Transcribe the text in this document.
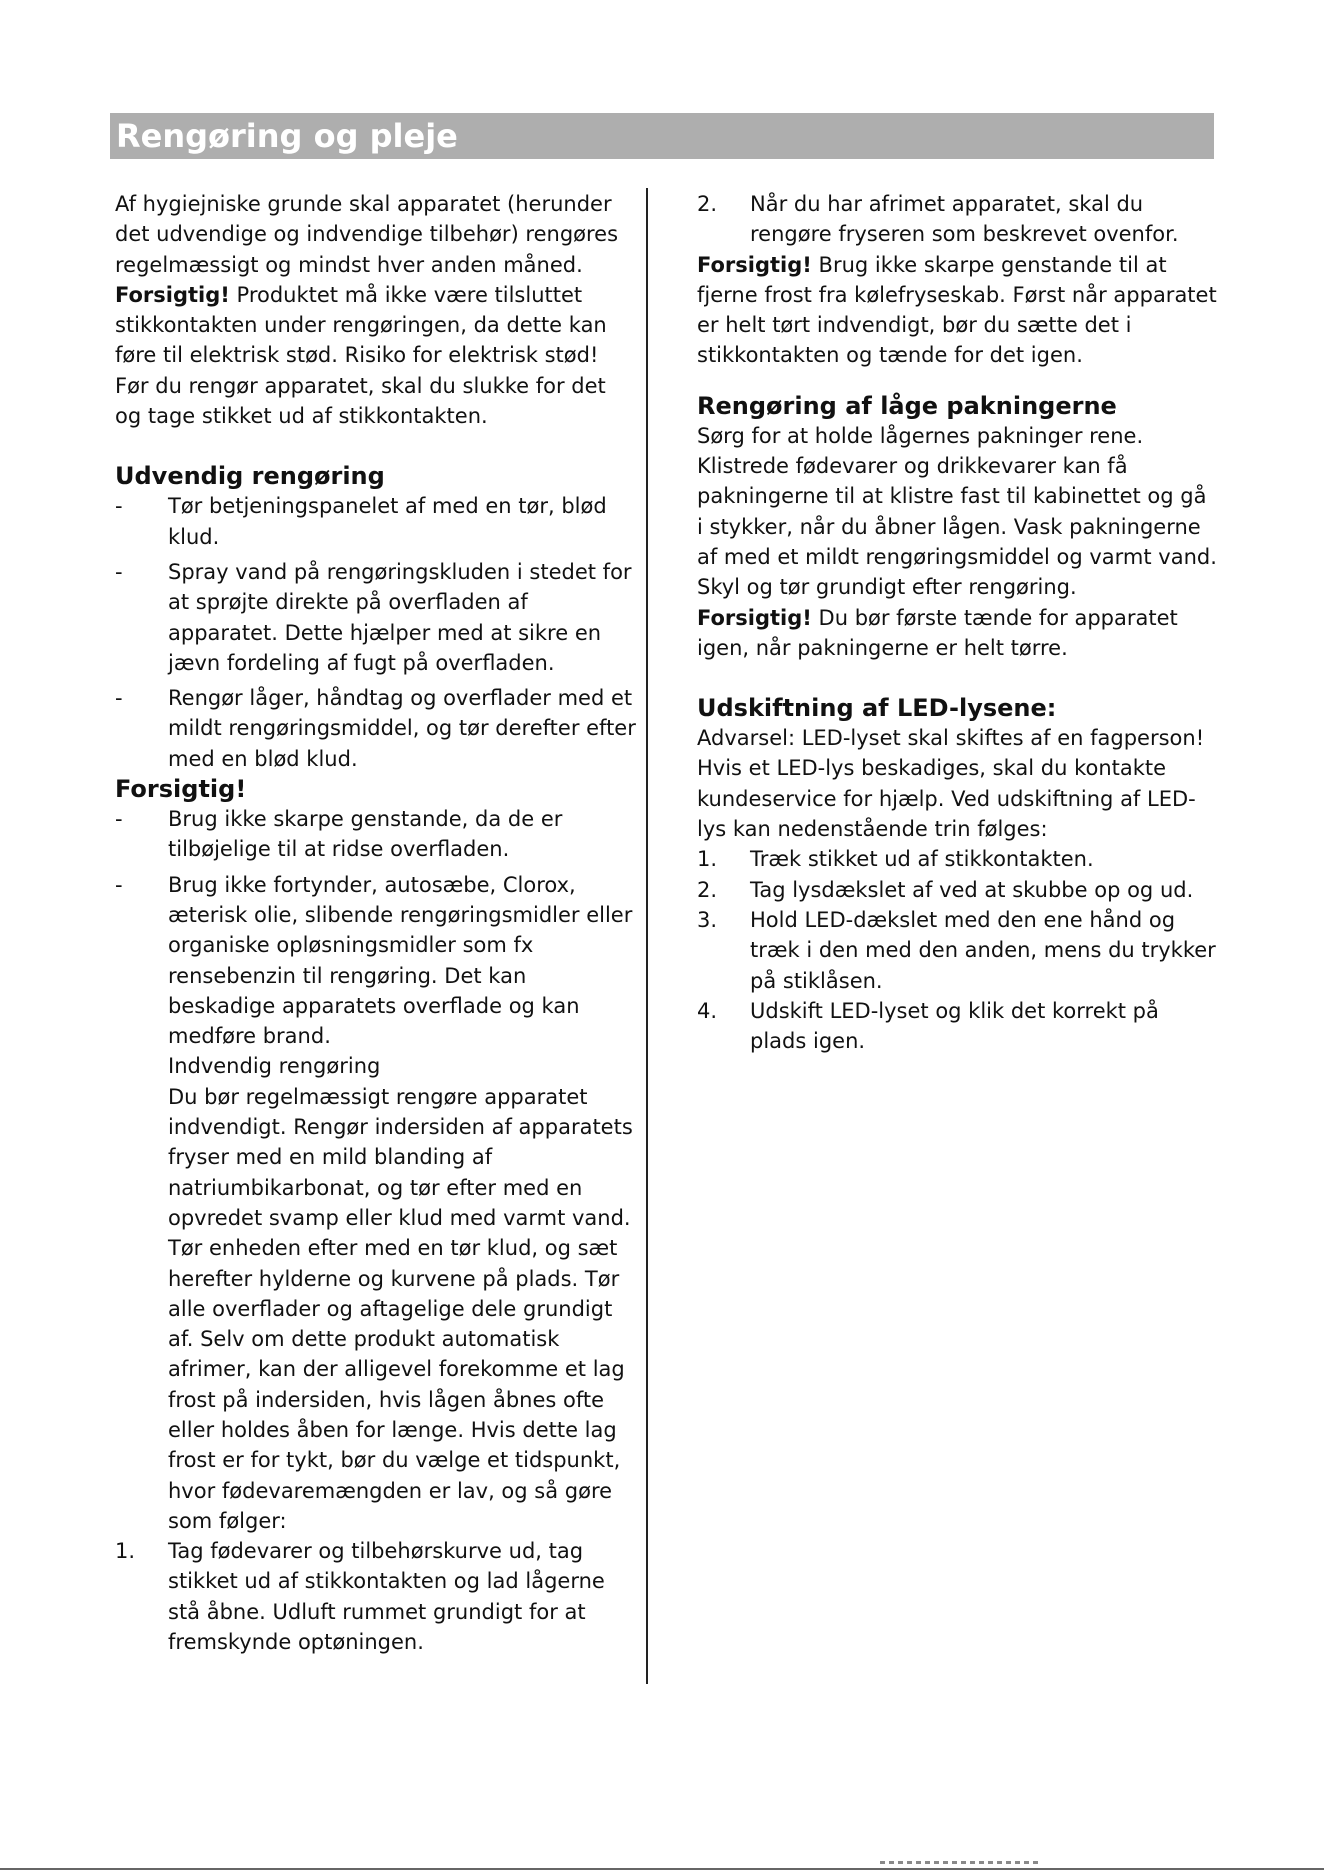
Rengøring og pleje

Af hygiejniske grunde skal apparatet (herunder det udvendige og indvendige tilbehør) rengøres regelmæssigt og mindst hver anden måned.

Forsigtig! Produktet må ikke være tilsluttet stikkontakten under rengøringen, da dette kan føre til elektrisk stød. Risiko for elektrisk stød! Før du rengør apparatet, skal du slukke for det og tage stikket ud af stikkontakten.

Udvendig rengøring
-	Tør betjeningspanelet af med en tør, blød klud.
-	Spray vand på rengøringskluden i stedet for at sprøjte direkte på overfladen af apparatet. Dette hjælper med at sikre en jævn fordeling af fugt på overfladen.
-	Rengør låger, håndtag og overflader med et mildt rengøringsmiddel, og tør derefter efter med en blød klud.
Forsigtig!
-	Brug ikke skarpe genstande, da de er tilbøjelige til at ridse overfladen.
-	Brug ikke fortynder, autosæbe, Clorox, æterisk olie, slibende rengøringsmidler eller organiske opløsningsmidler som fx rensebenzin til rengøring. Det kan beskadige apparatets overflade og kan medføre brand.

Indvendig rengøring

Du bør regelmæssigt rengøre apparatet indvendigt. Rengør indersiden af apparatets fryser med en mild blanding af natriumbikarbonat, og tør efter med en opvredet svamp eller klud med varmt vand. Tør enheden efter med en tør klud, og sæt herefter hylderne og kurvene på plads. Tør alle overflader og aftagelige dele grundigt af. Selv om dette produkt automatisk afrimer, kan der alligevel forekomme et lag frost på indersiden, hvis lågen åbnes ofte eller holdes åben for længe. Hvis dette lag frost er for tykt, bør du vælge et tidspunkt, hvor fødevaremængden er lav, og så gøre som følger:

1.	Tag fødevarer og tilbehørskurve ud, tag stikket ud af stikkontakten og lad lågerne stå åbne. Udluft rummet grundigt for at fremskynde optøningen.
2.	Når du har afrimet apparatet, skal du rengøre fryseren som beskrevet ovenfor.

Forsigtig! Brug ikke skarpe genstande til at fjerne frost fra kølefryseskab. Først når apparatet er helt tørt indvendigt, bør du sætte det i stikkontakten og tænde for det igen.

Rengøring af låge pakningerne

Sørg for at holde lågernes pakninger rene. Klistrede fødevarer og drikkevarer kan få pakningerne til at klistre fast til kabinettet og gå i stykker, når du åbner lågen. Vask pakningerne af med et mildt rengøringsmiddel og varmt vand. Skyl og tør grundigt efter rengøring.

Forsigtig! Du bør første tænde for apparatet igen, når pakningerne er helt tørre.

Udskiftning af LED-lysene:

Advarsel: LED-lyset skal skiftes af en fagperson! Hvis et LED-lys beskadiges, skal du kontakte kundeservice for hjælp. Ved udskiftning af LED-lys kan nedenstående trin følges:

1.	Træk stikket ud af stikkontakten.
2.	Tag lysdækslet af ved at skubbe op og ud.
3.	Hold LED-dækslet med den ene hånd og træk i den med den anden, mens du trykker på stiklåsen.
4.	Udskift LED-lyset og klik det korrekt på plads igen.
